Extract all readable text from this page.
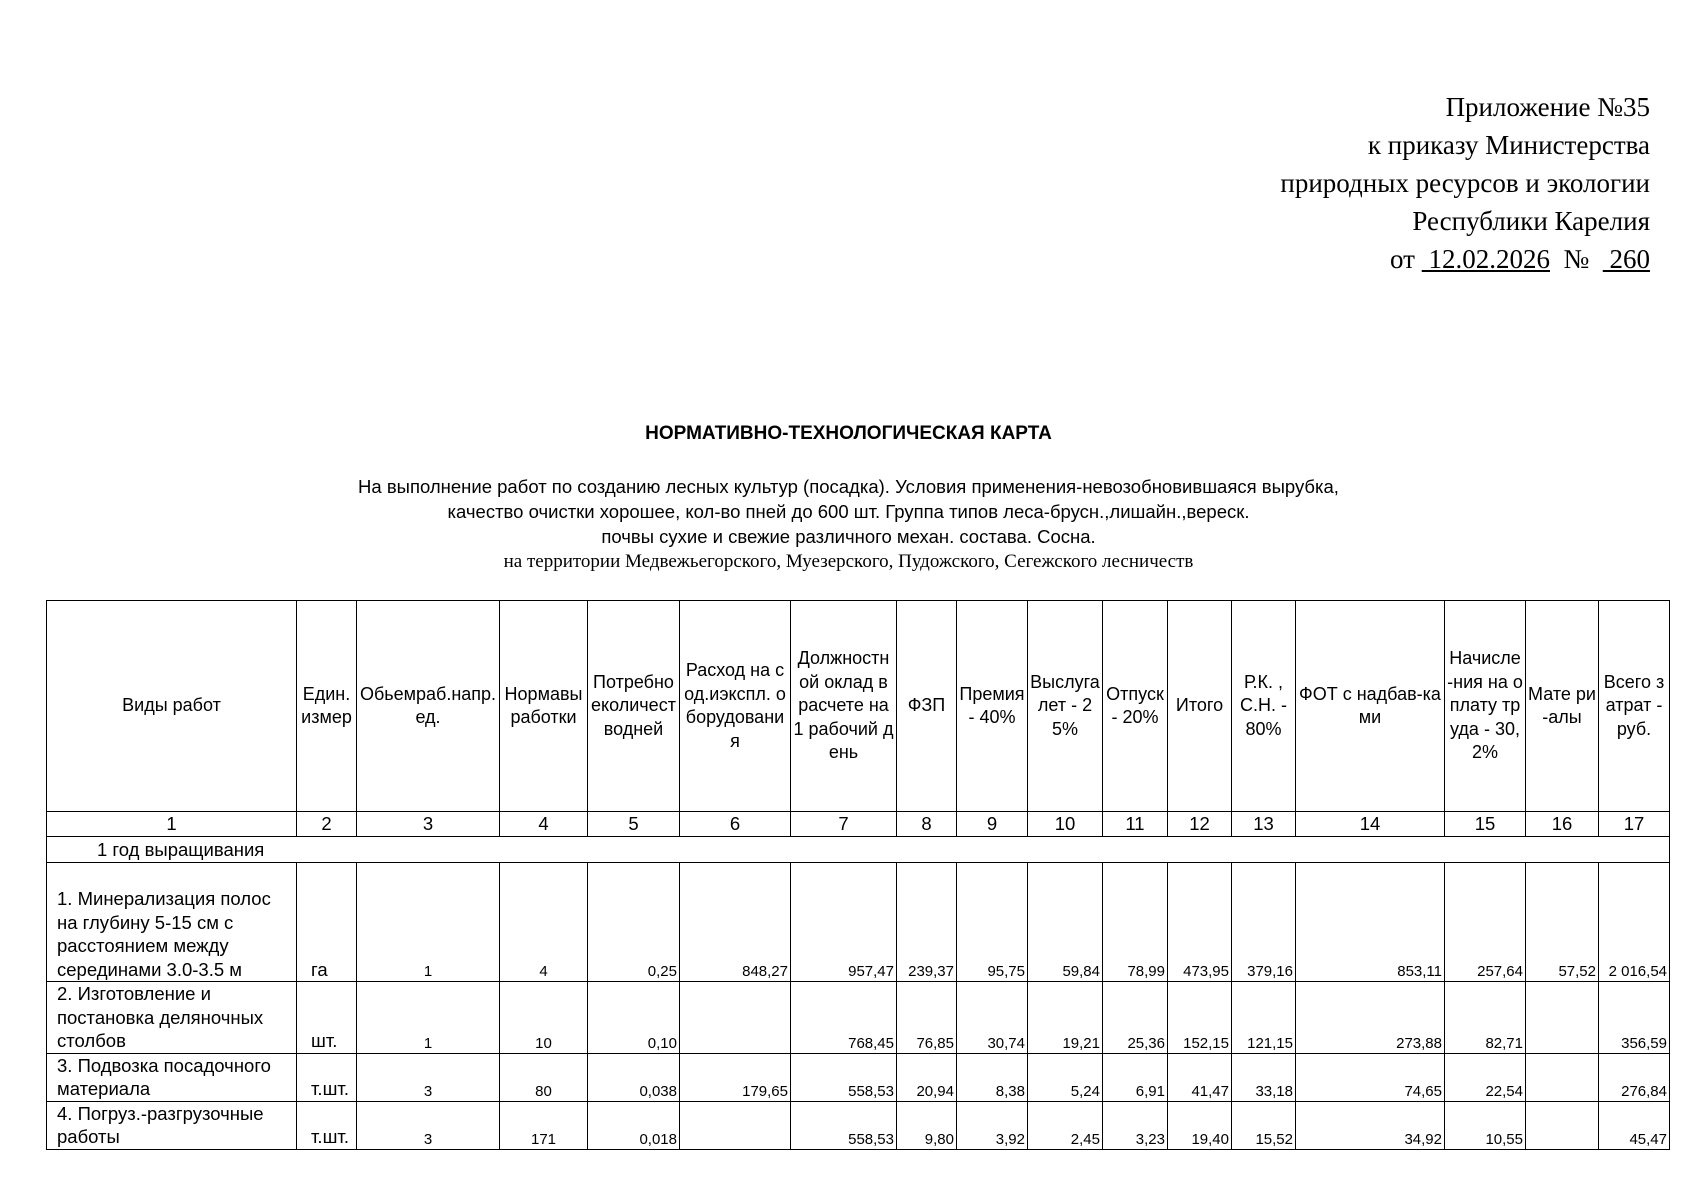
Приложение №35
к приказу Министерства
природных ресурсов и экологии
Республики Карелия
от 12.02.2026 № 260
НОРМАТИВНО-ТЕХНОЛОГИЧЕСКАЯ КАРТА
На выполнение работ по созданию лесных культур (посадка). Условия применения-невозобновившаяся вырубка,
качество очистки хорошее, кол-во пней до 600 шт. Группа типов леса-брусн.,лишайн.,вереск.
почвы сухие и свежие различного механ. состава. Сосна.
на территории Медвежьегорского, Муезерского, Пудожского, Сегежского лесничеств
Виды работ	Един.измер	Обьемраб.напр.ед.	Нормавыработки	Потребноеколичестводней	Расход на сод.иэкспл. оборудования	Должностной оклад в расчете на 1 рабочий день	ФЗП	Премия - 40%	Выслуга лет - 25%	Отпуск - 20%	Итого	Р.К. , С.Н. - 80%	ФОТ с надбав-ками	Начисле-ния на оплату труда - 30,2%	Мате ри-алы	Всего затрат - руб.
1	2	3	4	5	6	7	8	9	10	11	12	13	14	15	16	17
1 год выращивания																
1. Минерализация полос на глубину 5-15 см с расстоянием между серединами 3.0-3.5 м	га	1	4	0,25	848,27	957,47	239,37	95,75	59,84	78,99	473,95	379,16	853,11	257,64	57,52	2 016,54
2. Изготовление и постановка деляночных столбов	шт.	1	10	0,10		768,45	76,85	30,74	19,21	25,36	152,15	121,15	273,88	82,71		356,59
3. Подвозка посадочного материала	т.шт.	3	80	0,038	179,65	558,53	20,94	8,38	5,24	6,91	41,47	33,18	74,65	22,54		276,84
4. Погруз.-разгрузочные работы	т.шт.	3	171	0,018		558,53	9,80	3,92	2,45	3,23	19,40	15,52	34,92	10,55		45,47
